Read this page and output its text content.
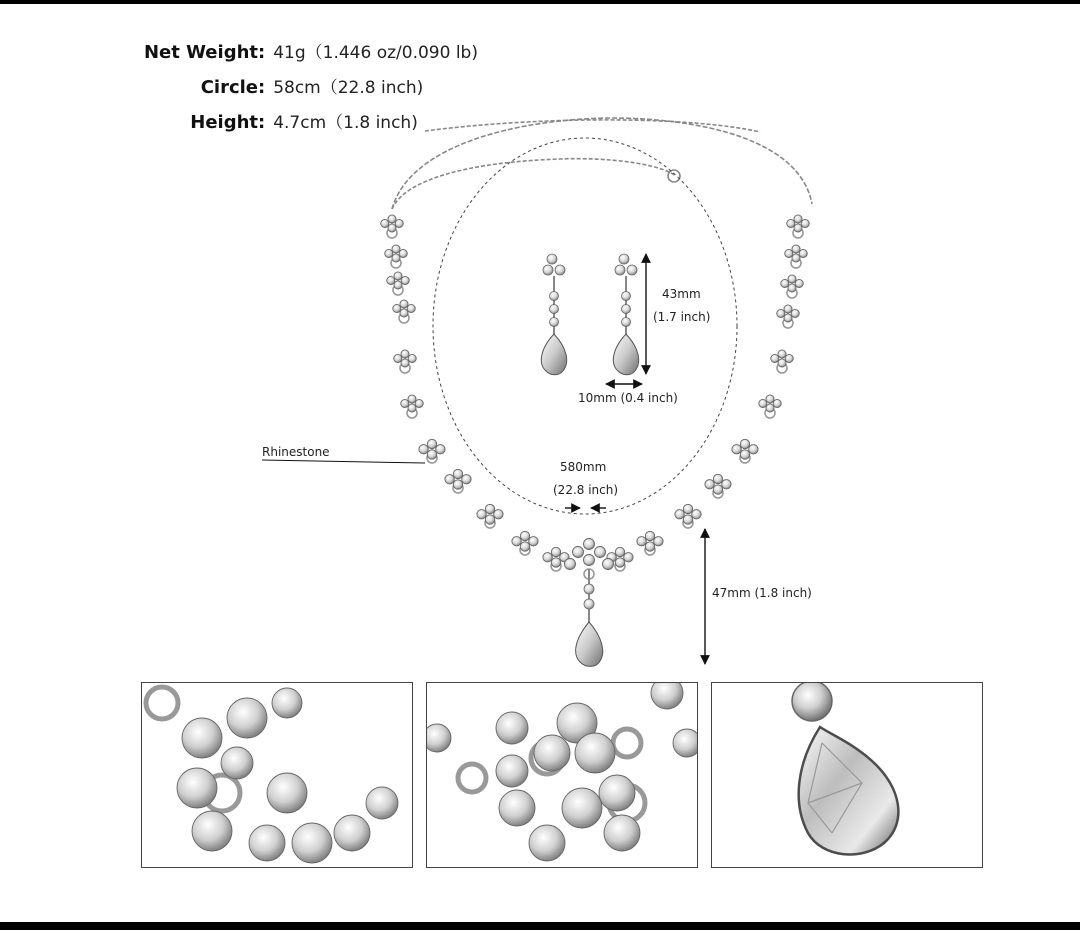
Net Weight : 41g（1.446 oz/0.090 lb)
Circle : 58cm（22.8 inch)
Height : 4.7cm（1.8 inch)
43mm
(1.7 inch)
10mm (0.4 inch)
Rhinestone
580mm
(22.8 inch)
47mm (1.8 inch)
